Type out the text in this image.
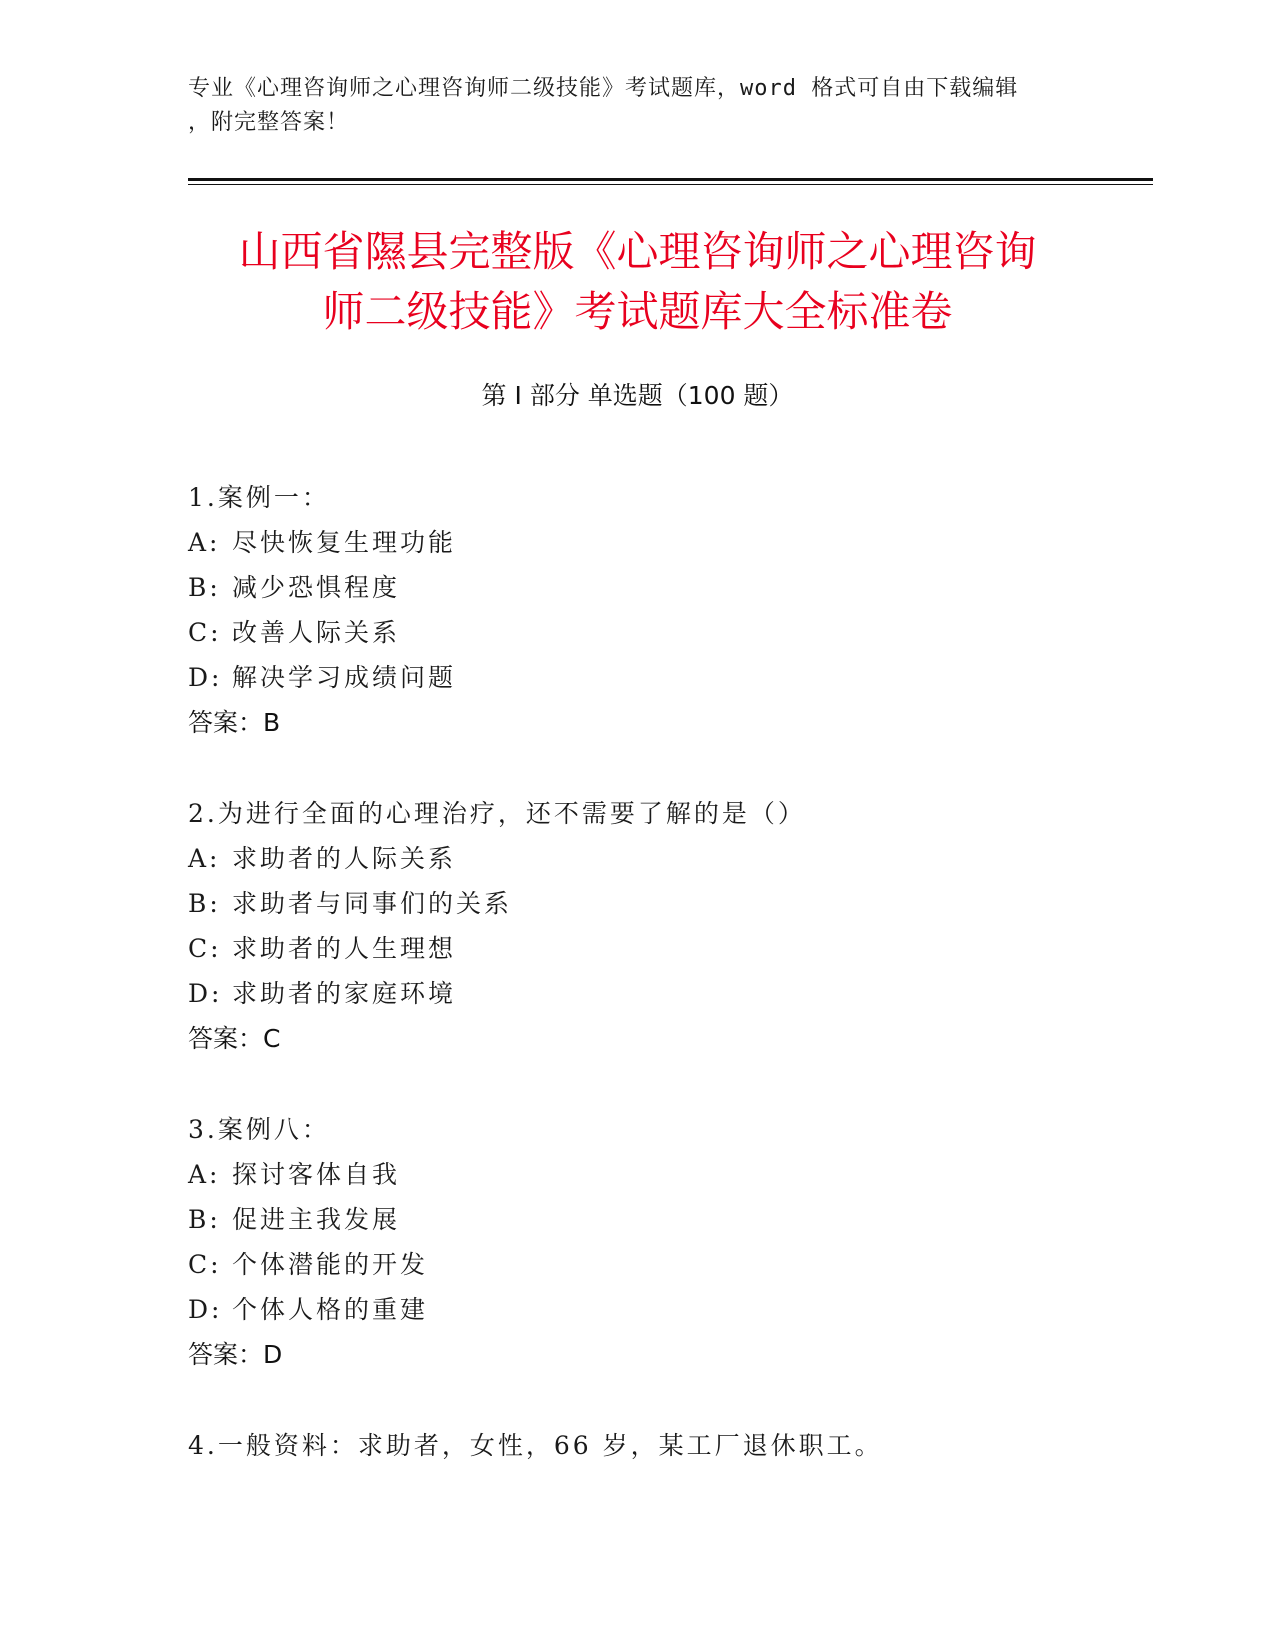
专业《心理咨询师之心理咨询师二级技能》考试题库，word 格式可自由下载编辑
，附完整答案！
山西省隰县完整版《心理咨询师之心理咨询
师二级技能》考试题库大全标准卷
第 I 部分 单选题（100 题）
1.案例一：
A: 尽快恢复生理功能
B: 减少恐惧程度
C: 改善人际关系
D: 解决学习成绩问题
答案：B
2.为进行全面的心理治疗，还不需要了解的是（）
A: 求助者的人际关系
B: 求助者与同事们的关系
C: 求助者的人生理想
D: 求助者的家庭环境
答案：C
3.案例八：
A: 探讨客体自我
B: 促进主我发展
C: 个体潜能的开发
D: 个体人格的重建
答案：D
4.一般资料：求助者，女性，66 岁，某工厂退休职工。
